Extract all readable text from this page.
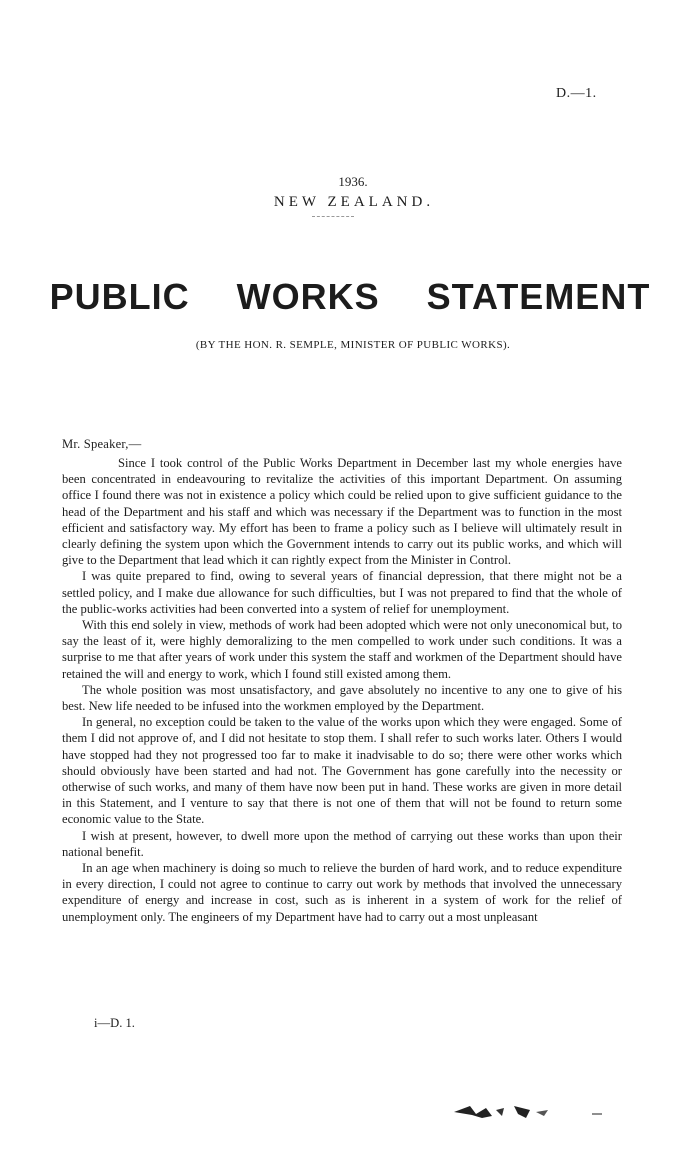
D.—1.
1936.
NEW ZEALAND.
PUBLIC WORKS STATEMENT
(BY THE HON. R. SEMPLE, MINISTER OF PUBLIC WORKS).
Mr. Speaker,—

Since I took control of the Public Works Department in December last my whole energies have been concentrated in endeavouring to revitalize the activities of this important Department. On assuming office I found there was not in existence a policy which could be relied upon to give sufficient guidance to the head of the Department and his staff and which was necessary if the Department was to function in the most efficient and satisfactory way. My effort has been to frame a policy such as I believe will ultimately result in clearly defining the system upon which the Government intends to carry out its public works, and which will give to the Department that lead which it can rightly expect from the Minister in Control.

I was quite prepared to find, owing to several years of financial depression, that there might not be a settled policy, and I make due allowance for such difficulties, but I was not prepared to find that the whole of the public-works activities had been converted into a system of relief for unemployment.

With this end solely in view, methods of work had been adopted which were not only uneconomical but, to say the least of it, were highly demoralizing to the men compelled to work under such conditions. It was a surprise to me that after years of work under this system the staff and workmen of the Department should have retained the will and energy to work, which I found still existed among them.

The whole position was most unsatisfactory, and gave absolutely no incentive to any one to give of his best. New life needed to be infused into the workmen employed by the Department.

In general, no exception could be taken to the value of the works upon which they were engaged. Some of them I did not approve of, and I did not hesitate to stop them. I shall refer to such works later. Others I would have stopped had they not progressed too far to make it inadvisable to do so; there were other works which should obviously have been started and had not. The Government has gone carefully into the necessity or otherwise of such works, and many of them have now been put in hand. These works are given in more detail in this Statement, and I venture to say that there is not one of them that will not be found to return some economic value to the State.

I wish at present, however, to dwell more upon the method of carrying out these works than upon their national benefit.

In an age when machinery is doing so much to relieve the burden of hard work, and to reduce expenditure in every direction, I could not agree to continue to carry out work by methods that involved the unnecessary expenditure of energy and increase in cost, such as is inherent in a system of work for the relief of unemployment only. The engineers of my Department have had to carry out a most unpleasant

i—D. 1.
